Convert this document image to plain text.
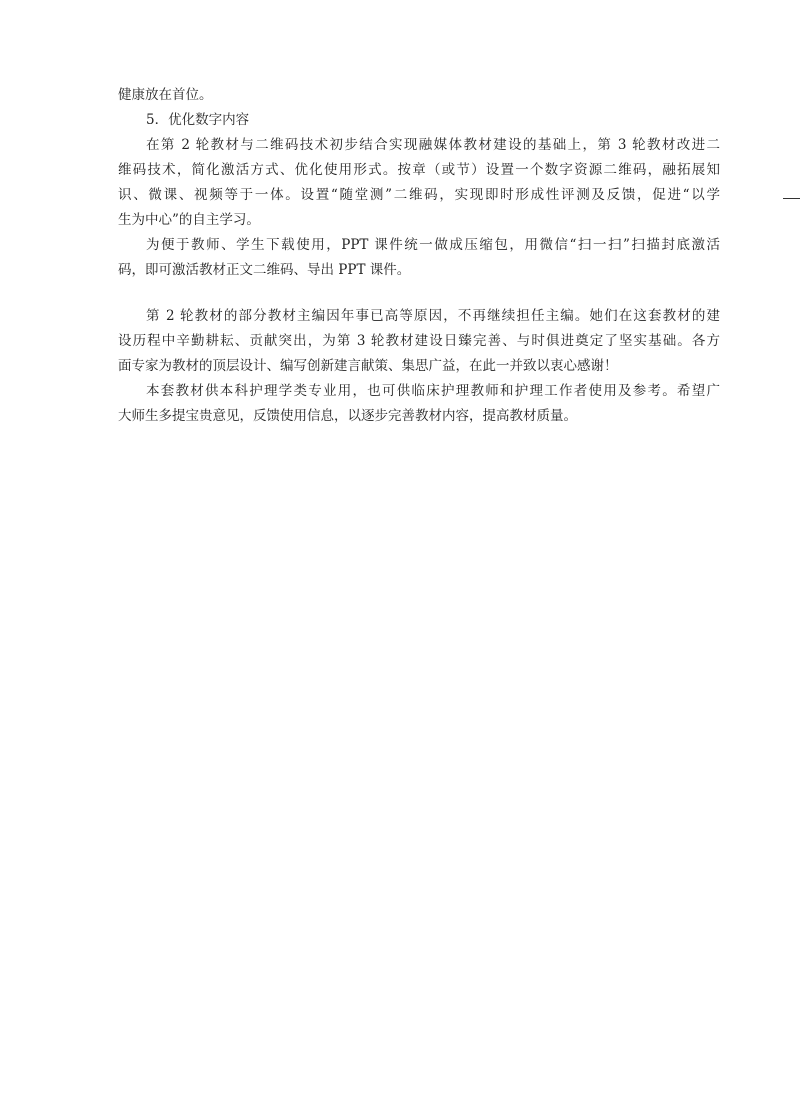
健康放在首位。
5．优化数字内容
在第 2 轮教材与二维码技术初步结合实现融媒体教材建设的基础上，第 3 轮教材改进二
维码技术，简化激活方式、优化使用形式。按章（或节）设置一个数字资源二维码，融拓展知
识、微课、视频等于一体。设置“随堂测”二维码，实现即时形成性评测及反馈，促进“以学
生为中心”的自主学习。
为便于教师、学生下载使用，PPT 课件统一做成压缩包，用微信“扫一扫”扫描封底激活
码，即可激活教材正文二维码、导出 PPT 课件。
第 2 轮教材的部分教材主编因年事已高等原因，不再继续担任主编。她们在这套教材的建
设历程中辛勤耕耘、贡献突出，为第 3 轮教材建设日臻完善、与时俱进奠定了坚实基础。各方
面专家为教材的顶层设计、编写创新建言献策、集思广益，在此一并致以衷心感谢！
本套教材供本科护理学类专业用，也可供临床护理教师和护理工作者使用及参考。希望广
大师生多提宝贵意见，反馈使用信息，以逐步完善教材内容，提高教材质量。
